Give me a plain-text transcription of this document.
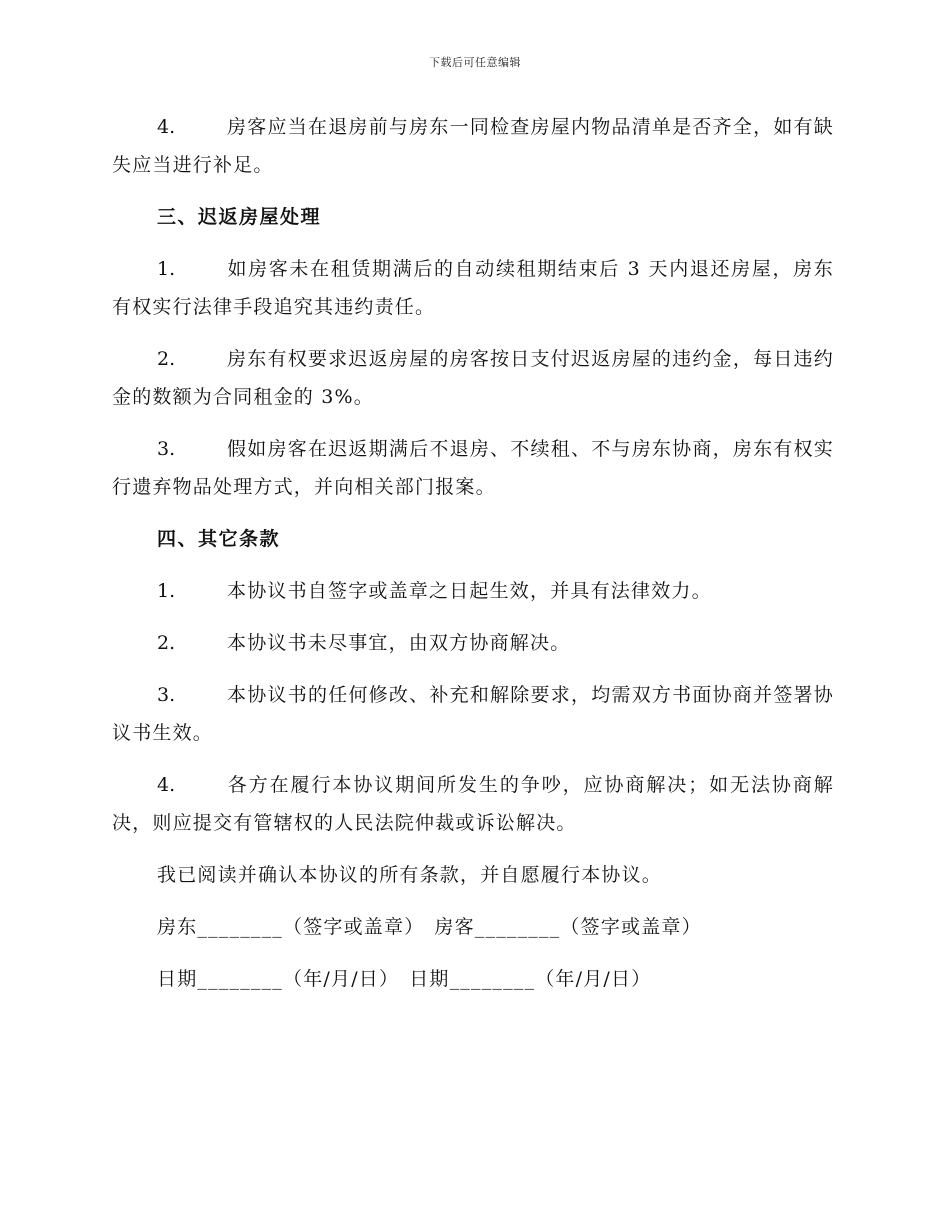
下载后可任意编辑

4.	房客应当在退房前与房东一同检查房屋内物品清单是否齐全，如有缺失应当进行补足。

三、迟返房屋处理

1.	如房客未在租赁期满后的自动续租期结束后 3 天内退还房屋，房东有权实行法律手段追究其违约责任。

2.	房东有权要求迟返房屋的房客按日支付迟返房屋的违约金，每日违约金的数额为合同租金的 3%。

3.	假如房客在迟返期满后不退房、不续租、不与房东协商，房东有权实行遗弃物品处理方式，并向相关部门报案。

四、其它条款

1.	本协议书自签字或盖章之日起生效，并具有法律效力。

2.	本协议书未尽事宜，由双方协商解决。

3.	本协议书的任何修改、补充和解除要求，均需双方书面协商并签署协议书生效。

4.	各方在履行本协议期间所发生的争吵，应协商解决；如无法协商解决，则应提交有管辖权的人民法院仲裁或诉讼解决。

我已阅读并确认本协议的所有条款，并自愿履行本协议。

房东________（签字或盖章） 房客________（签字或盖章）

日期________（年/月/日） 日期________（年/月/日）
